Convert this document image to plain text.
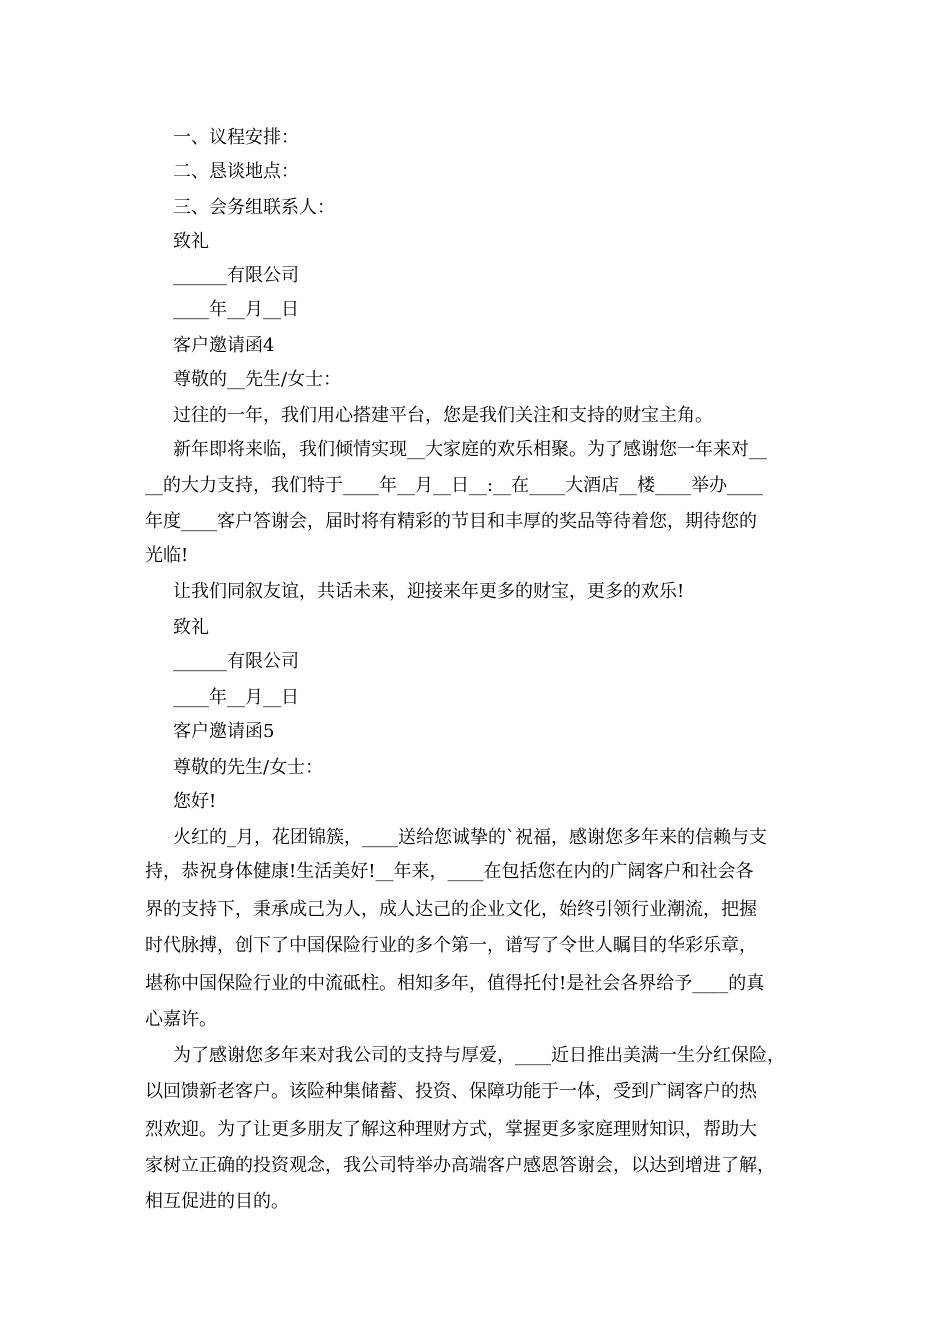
一、议程安排：
二、恳谈地点：
三、会务组联系人：
致礼
______有限公司
____年__月__日
客户邀请函4
尊敬的__先生/女士：
过往的一年，我们用心搭建平台，您是我们关注和支持的财宝主角。
新年即将来临，我们倾情实现__大家庭的欢乐相聚。为了感谢您一年来对__
__的大力支持，我们特于____年__月__日__:__在____大酒店__楼____举办____
年度____客户答谢会，届时将有精彩的节目和丰厚的奖品等待着您，期待您的
光临!
让我们同叙友谊，共话未来，迎接来年更多的财宝，更多的欢乐!
致礼
______有限公司
____年__月__日
客户邀请函5
尊敬的先生/女士：
您好!
火红的_月，花团锦簇，____送给您诚挚的`祝福，感谢您多年来的信赖与支
持，恭祝身体健康!生活美好!__年来，____在包括您在内的广阔客户和社会各
界的支持下，秉承成己为人，成人达己的企业文化，始终引领行业潮流，把握
时代脉搏，创下了中国保险行业的多个第一，谱写了令世人瞩目的华彩乐章，
堪称中国保险行业的中流砥柱。相知多年，值得托付!是社会各界给予____的真
心嘉许。
为了感谢您多年来对我公司的支持与厚爱，____近日推出美满一生分红保险，
以回馈新老客户。该险种集储蓄、投资、保障功能于一体，受到广阔客户的热
烈欢迎。为了让更多朋友了解这种理财方式，掌握更多家庭理财知识，帮助大
家树立正确的投资观念，我公司特举办高端客户感恩答谢会，以达到增进了解，
相互促进的目的。
